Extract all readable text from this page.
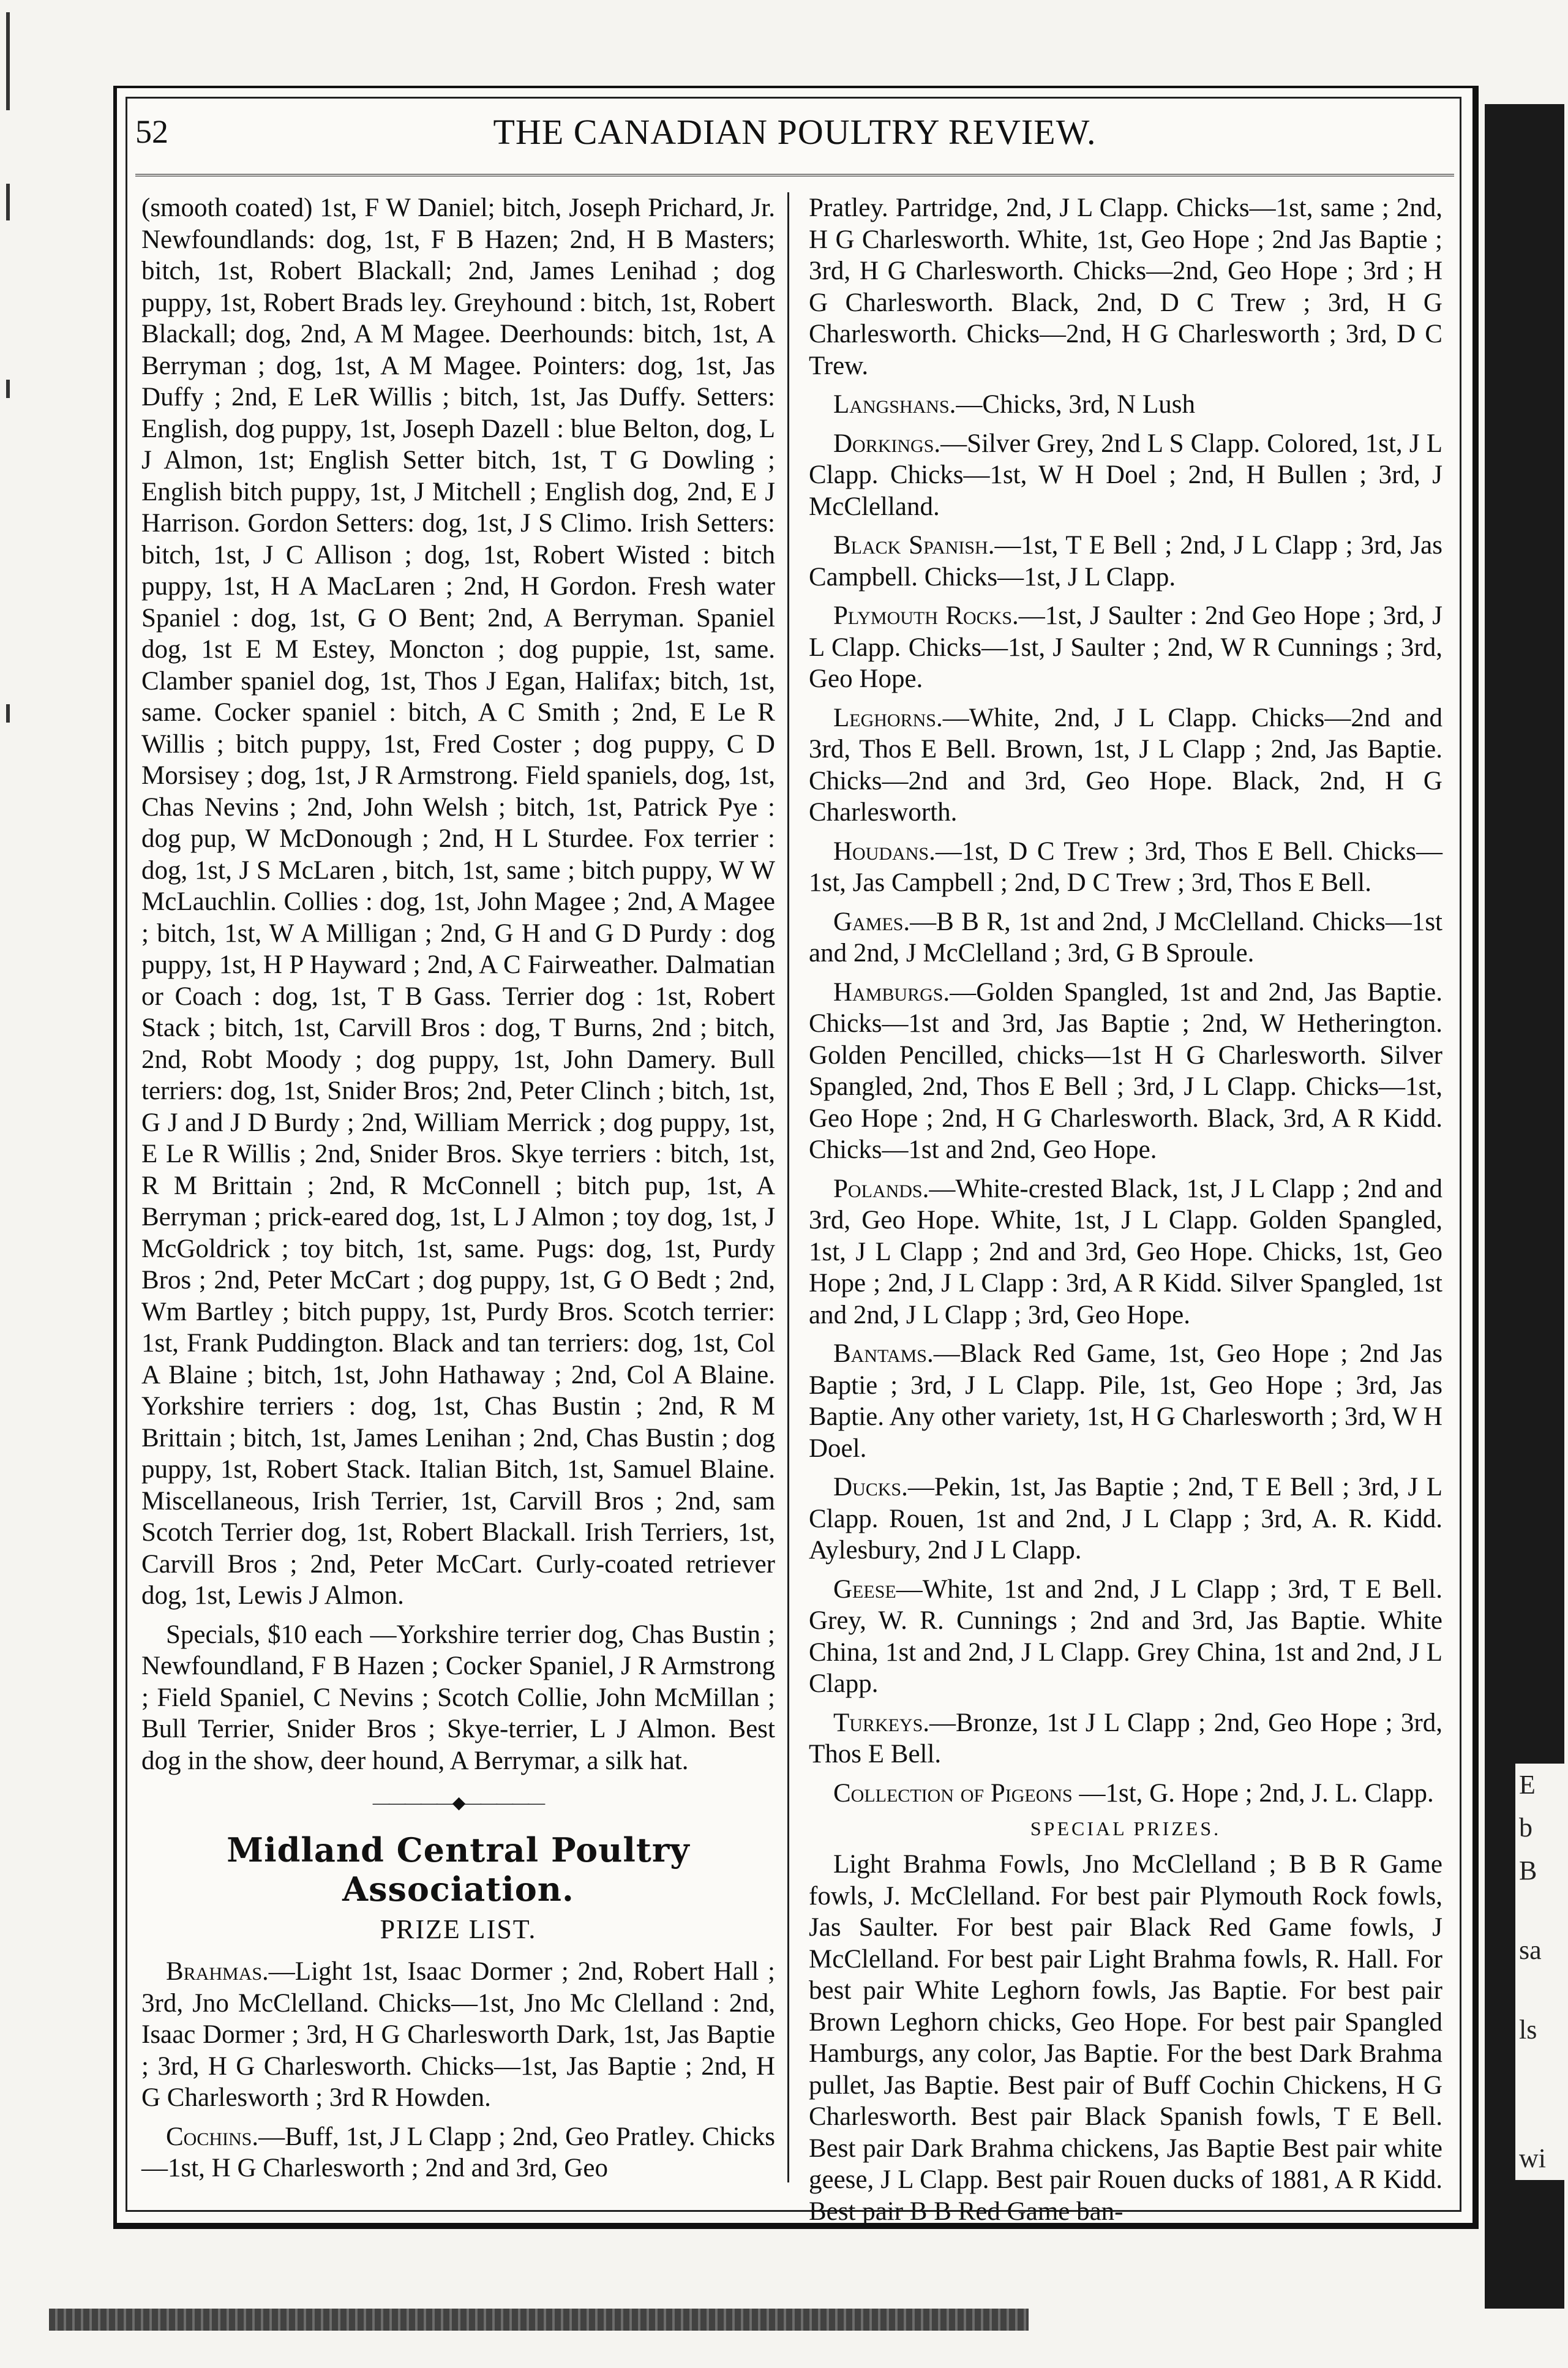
E
b
B
sa
ls
wi
52	THE CANADIAN POULTRY REVIEW.

(smooth coated) 1st, F W Daniel; bitch, Joseph Prichard, Jr. Newfoundlands: dog, 1st, F B Hazen; 2nd, H B Masters; bitch, 1st, Robert Blackall; 2nd, James Lenihad ; dog puppy, 1st, Robert Brads ley. Greyhound : bitch, 1st, Robert Blackall; dog, 2nd, A M Magee. Deerhounds: bitch, 1st, A Berryman ; dog, 1st, A M Magee. Pointers: dog, 1st, Jas Duffy ; 2nd, E LeR Willis ; bitch, 1st, Jas Duffy. Setters: English, dog puppy, 1st, Joseph Dazell : blue Belton, dog, L J Almon, 1st; English Setter bitch, 1st, T G Dowling ; English bitch puppy, 1st, J Mitchell ; English dog, 2nd, E J Harrison. Gordon Setters: dog, 1st, J S Climo. Irish Setters: bitch, 1st, J C Allison ; dog, 1st, Robert Wisted : bitch puppy, 1st, H A MacLaren ; 2nd, H Gordon. Fresh water Spaniel : dog, 1st, G O Bent; 2nd, A Berryman. Spaniel dog, 1st E M Estey, Moncton ; dog puppie, 1st, same. Clamber spaniel dog, 1st, Thos J Egan, Halifax; bitch, 1st, same. Cocker spaniel : bitch, A C Smith ; 2nd, E Le R Willis ; bitch puppy, 1st, Fred Coster ; dog puppy, C D Morsisey ; dog, 1st, J R Armstrong. Field spaniels, dog, 1st, Chas Nevins ; 2nd, John Welsh ; bitch, 1st, Patrick Pye : dog pup, W McDonough ; 2nd, H L Sturdee. Fox terrier : dog, 1st, J S McLaren , bitch, 1st, same ; bitch puppy, W W McLauchlin. Collies : dog, 1st, John Magee ; 2nd, A Magee ; bitch, 1st, W A Milligan ; 2nd, G H and G D Purdy : dog puppy, 1st, H P Hayward ; 2nd, A C Fairweather. Dalmatian or Coach : dog, 1st, T B Gass. Terrier dog : 1st, Robert Stack ; bitch, 1st, Carvill Bros : dog, T Burns, 2nd ; bitch, 2nd, Robt Moody ; dog puppy, 1st, John Damery. Bull terriers: dog, 1st, Snider Bros; 2nd, Peter Clinch ; bitch, 1st, G J and J D Burdy ; 2nd, William Merrick ; dog puppy, 1st, E Le R Willis ; 2nd, Snider Bros. Skye terriers : bitch, 1st, R M Brittain ; 2nd, R McConnell ; bitch pup, 1st, A Berryman ; prick-eared dog, 1st, L J Almon ; toy dog, 1st, J McGoldrick ; toy bitch, 1st, same. Pugs: dog, 1st, Purdy Bros ; 2nd, Peter McCart ; dog puppy, 1st, G O Bedt ; 2nd, Wm Bartley ; bitch puppy, 1st, Purdy Bros. Scotch terrier: 1st, Frank Puddington. Black and tan terriers: dog, 1st, Col A Blaine ; bitch, 1st, John Hathaway ; 2nd, Col A Blaine. Yorkshire terriers : dog, 1st, Chas Bustin ; 2nd, R M Brittain ; bitch, 1st, James Lenihan ; 2nd, Chas Bustin ; dog puppy, 1st, Robert Stack. Italian Bitch, 1st, Samuel Blaine. Miscellaneous, Irish Terrier, 1st, Carvill Bros ; 2nd, sam Scotch Terrier dog, 1st, Robert Blackall. Irish Terriers, 1st, Carvill Bros ; 2nd, Peter McCart. Curly-coated retriever dog, 1st, Lewis J Almon.

Specials, $10 each —Yorkshire terrier dog, Chas Bustin ; Newfoundland, F B Hazen ; Cocker Spaniel, J R Armstrong ; Field Spaniel, C Nevins ; Scotch Collie, John McMillan ; Bull Terrier, Snider Bros ; Skye-terrier, L J Almon. Best dog in the show, deer hound, A Berrymar, a silk hat.

—————◆—————
Midland Central Poultry Association.
PRIZE LIST.

Brahmas.—Light 1st, Isaac Dormer ; 2nd, Robert Hall ; 3rd, Jno McClelland. Chicks—1st, Jno Mc Clelland : 2nd, Isaac Dormer ; 3rd, H G Charlesworth Dark, 1st, Jas Baptie ; 3rd, H G Charlesworth. Chicks—1st, Jas Baptie ; 2nd, H G Charlesworth ; 3rd R Howden.

Cochins.—Buff, 1st, J L Clapp ; 2nd, Geo Pratley. Chicks—1st, H G Charlesworth ; 2nd and 3rd, Geo

Pratley. Partridge, 2nd, J L Clapp. Chicks—1st, same ; 2nd, H G Charlesworth. White, 1st, Geo Hope ; 2nd Jas Baptie ; 3rd, H G Charlesworth. Chicks—2nd, Geo Hope ; 3rd ; H G Charlesworth. Black, 2nd, D C Trew ; 3rd, H G Charlesworth. Chicks—2nd, H G Charlesworth ; 3rd, D C Trew.

Langshans.—Chicks, 3rd, N Lush

Dorkings.—Silver Grey, 2nd L S Clapp. Colored, 1st, J L Clapp. Chicks—1st, W H Doel ; 2nd, H Bullen ; 3rd, J McClelland.

Black Spanish.—1st, T E Bell ; 2nd, J L Clapp ; 3rd, Jas Campbell. Chicks—1st, J L Clapp.

Plymouth Rocks.—1st, J Saulter : 2nd Geo Hope ; 3rd, J L Clapp. Chicks—1st, J Saulter ; 2nd, W R Cunnings ; 3rd, Geo Hope.

Leghorns.—White, 2nd, J L Clapp. Chicks—2nd and 3rd, Thos E Bell. Brown, 1st, J L Clapp ; 2nd, Jas Baptie. Chicks—2nd and 3rd, Geo Hope. Black, 2nd, H G Charlesworth.

Houdans.—1st, D C Trew ; 3rd, Thos E Bell. Chicks—1st, Jas Campbell ; 2nd, D C Trew ; 3rd, Thos E Bell.

Games.—B B R, 1st and 2nd, J McClelland. Chicks—1st and 2nd, J McClelland ; 3rd, G B Sproule.

Hamburgs.—Golden Spangled, 1st and 2nd, Jas Baptie. Chicks—1st and 3rd, Jas Baptie ; 2nd, W Hetherington. Golden Pencilled, chicks—1st H G Charlesworth. Silver Spangled, 2nd, Thos E Bell ; 3rd, J L Clapp. Chicks—1st, Geo Hope ; 2nd, H G Charlesworth. Black, 3rd, A R Kidd. Chicks—1st and 2nd, Geo Hope.

Polands.—White-crested Black, 1st, J L Clapp ; 2nd and 3rd, Geo Hope. White, 1st, J L Clapp. Golden Spangled, 1st, J L Clapp ; 2nd and 3rd, Geo Hope. Chicks, 1st, Geo Hope ; 2nd, J L Clapp : 3rd, A R Kidd. Silver Spangled, 1st and 2nd, J L Clapp ; 3rd, Geo Hope.

Bantams.—Black Red Game, 1st, Geo Hope ; 2nd Jas Baptie ; 3rd, J L Clapp. Pile, 1st, Geo Hope ; 3rd, Jas Baptie. Any other variety, 1st, H G Charlesworth ; 3rd, W H Doel.

Ducks.—Pekin, 1st, Jas Baptie ; 2nd, T E Bell ; 3rd, J L Clapp. Rouen, 1st and 2nd, J L Clapp ; 3rd, A. R. Kidd. Aylesbury, 2nd J L Clapp.

Geese—White, 1st and 2nd, J L Clapp ; 3rd, T E Bell. Grey, W. R. Cunnings ; 2nd and 3rd, Jas Baptie. White China, 1st and 2nd, J L Clapp. Grey China, 1st and 2nd, J L Clapp.

Turkeys.—Bronze, 1st J L Clapp ; 2nd, Geo Hope ; 3rd, Thos E Bell.

Collection of Pigeons —1st, G. Hope ; 2nd, J. L. Clapp.

SPECIAL PRIZES.

Light Brahma Fowls, Jno McClelland ; B B R Game fowls, J. McClelland. For best pair Plymouth Rock fowls, Jas Saulter. For best pair Black Red Game fowls, J McClelland. For best pair Light Brahma fowls, R. Hall. For best pair White Leghorn fowls, Jas Baptie. For best pair Brown Leghorn chicks, Geo Hope. For best pair Spangled Hamburgs, any color, Jas Baptie. For the best Dark Brahma pullet, Jas Baptie. Best pair of Buff Cochin Chickens, H G Charlesworth. Best pair Black Spanish fowls, T E Bell. Best pair Dark Brahma chickens, Jas Baptie Best pair white geese, J L Clapp. Best pair Rouen ducks of 1881, A R Kidd. Best pair B B Red Game ban-
